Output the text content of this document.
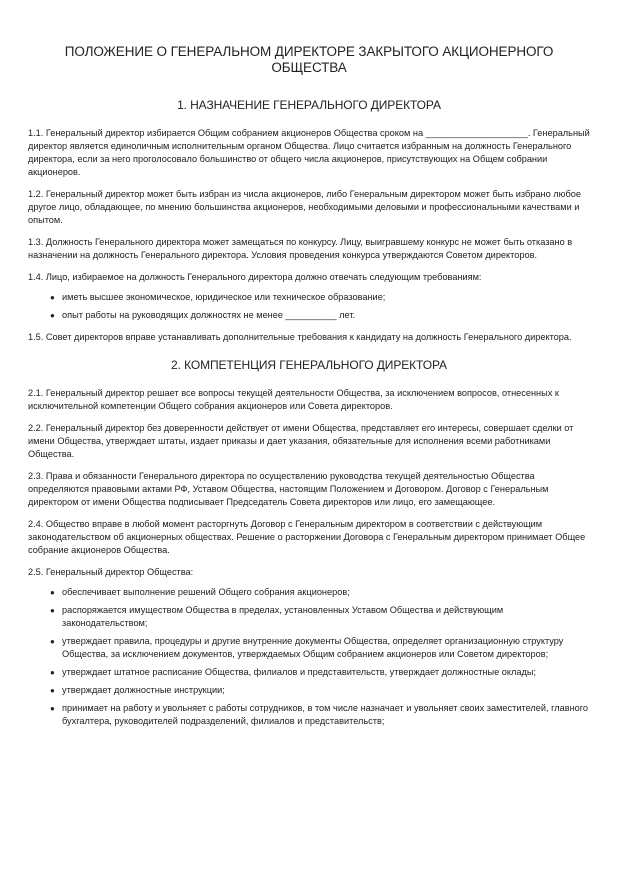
ПОЛОЖЕНИЕ О ГЕНЕРАЛЬНОМ ДИРЕКТОРЕ ЗАКРЫТОГО АКЦИОНЕРНОГО ОБЩЕСТВА
1. НАЗНАЧЕНИЕ ГЕНЕРАЛЬНОГО ДИРЕКТОРА
1.1. Генеральный директор избирается Общим собранием акционеров Общества сроком на ____________________. Генеральный директор является единоличным исполнительным органом Общества. Лицо считается избранным на должность Генерального директора, если за него проголосовало большинство от общего числа акционеров, присутствующих на Общем собрании акционеров.
1.2. Генеральный директор может быть избран из числа акционеров, либо Генеральным директором может быть избрано любое другое лицо, обладающее, по мнению большинства акционеров, необходимыми деловыми и профессиональными качествами и опытом.
1.3. Должность Генерального директора может замещаться по конкурсу. Лицу, выигравшему конкурс не может быть отказано в назначении на должность Генерального директора. Условия проведения конкурса утверждаются Советом директоров.
1.4. Лицо, избираемое на должность Генерального директора должно отвечать следующим требованиям:
● иметь высшее экономическое, юридическое или техническое образование;
● опыт работы на руководящих должностях не менее __________ лет.
1.5. Совет директоров вправе устанавливать дополнительные требования к кандидату на должность Генерального директора.
2. КОМПЕТЕНЦИЯ ГЕНЕРАЛЬНОГО ДИРЕКТОРА
2.1. Генеральный директор решает все вопросы текущей деятельности Общества, за исключением вопросов, отнесенных к исключительной компетенции Общего собрания акционеров или Совета директоров.
2.2. Генеральный директор без доверенности действует от имени Общества, представляет его интересы, совершает сделки от имени Общества, утверждает штаты, издает приказы и дает указания, обязательные для исполнения всеми работниками Общества.
2.3. Права и обязанности Генерального директора по осуществлению руководства текущей деятельностью Общества определяются правовыми актами РФ, Уставом Общества, настоящим Положением и Договором. Договор с Генеральным директором от имени Общества подписывает Председатель Совета директоров или лицо, его замещающее.
2.4. Общество вправе в любой момент расторгнуть Договор с Генеральным директором в соответствии с действующим законодательством об акционерных обществах. Решение о расторжении Договора с Генеральным директором принимает Общее собрание акционеров Общества.
2.5. Генеральный директор Общества:
● обеспечивает выполнение решений Общего собрания акционеров;
● распоряжается имуществом Общества в пределах, установленных Уставом Общества и действующим законодательством;
● утверждает правила, процедуры и другие внутренние документы Общества, определяет организационную структуру Общества, за исключением документов, утверждаемых Общим собранием акционеров или Советом директоров;
● утверждает штатное расписание Общества, филиалов и представительств, утверждает должностные оклады;
● утверждает должностные инструкции;
● принимает на работу и увольняет с работы сотрудников, в том числе назначает и увольняет своих заместителей, главного бухгалтера, руководителей подразделений, филиалов и представительств;
